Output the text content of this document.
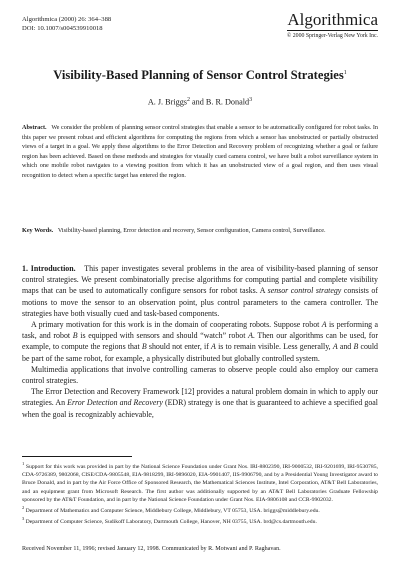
Algorithmica (2000) 26: 364–388
DOI: 10.1007/s004539910018	Algorithmica
© 2000 Springer-Verlag New York Inc.
Visibility-Based Planning of Sensor Control Strategies$^1$
A. J. Briggs$^2$ and B. R. Donald$^3$
Abstract. We consider the problem of planning sensor control strategies that enable a sensor to be automatically configured for robot tasks. In this paper we present robust and efficient algorithms for computing the regions from which a sensor has unobstructed or partially obstructed views of a target in a goal. We apply these algorithms to the Error Detection and Recovery problem of recognizing whether a goal or failure region has been achieved. Based on these methods and strategies for visually cued camera control, we have built a robot surveillance system in which one mobile robot navigates to a viewing position from which it has an unobstructed view of a goal region, and then uses visual recognition to detect when a specific target has entered the region.
Key Words. Visibility-based planning, Error detection and recovery, Sensor configuration, Camera control, Surveillance.

1. Introduction. This paper investigates several problems in the area of visibility-based planning of sensor control strategies. We present combinatorially precise algorithms for computing partial and complete visibility maps that can be used to automatically configure sensors for robot tasks. A sensor control strategy consists of motions to move the sensor to an observation point, plus control parameters to the camera controller. The strategies have both visually cued and task-based components.

A primary motivation for this work is in the domain of cooperating robots. Suppose robot A is performing a task, and robot B is equipped with sensors and should “watch” robot A. Then our algorithms can be used, for example, to compute the regions that B should not enter, if A is to remain visible. Less generally, A and B could be part of the same robot, for example, a physically distributed but globally controlled system.

Multimedia applications that involve controlling cameras to observe people could also employ our camera control strategies.

The Error Detection and Recovery Framework [12] provides a natural problem domain in which to apply our strategies. An Error Detection and Recovery (EDR) strategy is one that is guaranteed to achieve a specified goal when the goal is recognizably achievable,

$^1$ Support for this work was provided in part by the National Science Foundation under Grant Nos. IRI-8802390, IRI-9000532, IRI-9201699, IRI-9530785, CDA-9726389, 9802068, CISE/CDA-9805548, EIA-9818299, IRI-9896020, EIA-9901407, IIS-9906790, and by a Presidential Young Investigator award to Bruce Donald, and in part by the Air Force Office of Sponsored Research, the Mathematical Sciences Institute, Intel Corporation, AT&T Bell Laboratories, and an equipment grant from Microsoft Research. The first author was additionally supported by an AT&T Bell Laboratories Graduate Fellowship sponsored by the AT&T Foundation, and in part by the National Science Foundation under Grant Nos. EIA-9806108 and CCR-9902032.

$^2$ Department of Mathematics and Computer Science, Middlebury College, Middlebury, VT 05753, USA. briggs@middlebury.edu.

$^3$ Department of Computer Science, Sudikoff Laboratory, Dartmouth College, Hanover, NH 03755, USA. brd@cs.dartmouth.edu.

Received November 11, 1996; revised January 12, 1998. Communicated by R. Motwani and P. Raghavan.
